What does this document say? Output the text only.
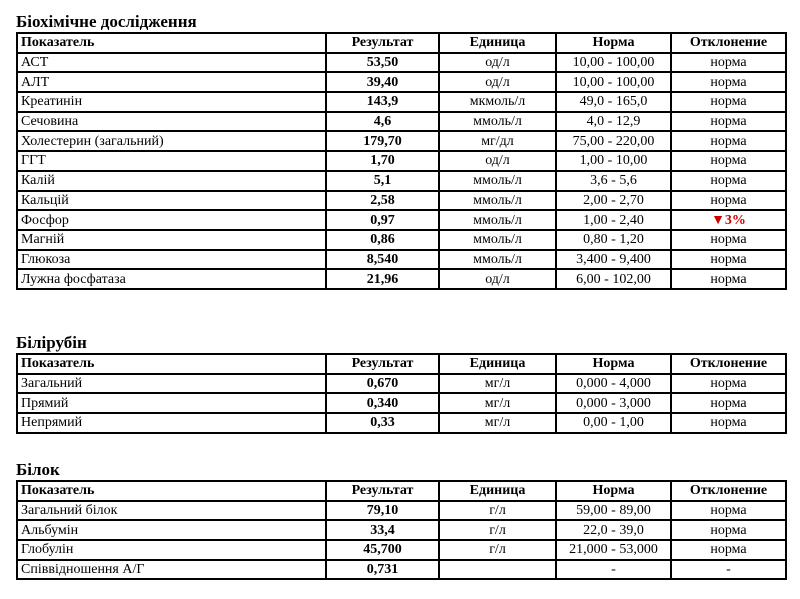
Біохімічне дослідження
Показатель	Результат	Единица	Норма	Отклонение
АСТ	53,50	од/л	10,00 - 100,00	норма
АЛТ	39,40	од/л	10,00 - 100,00	норма
Креатинін	143,9	мкмоль/л	49,0 - 165,0	норма
Сечовина	4,6	ммоль/л	4,0 - 12,9	норма
Холестерин (загальний)	179,70	мг/дл	75,00 - 220,00	норма
ГГТ	1,70	од/л	1,00 - 10,00	норма
Калій	5,1	ммоль/л	3,6 - 5,6	норма
Кальцій	2,58	ммоль/л	2,00 - 2,70	норма
Фосфор	0,97	ммоль/л	1,00 - 2,40	▼3%
Магній	0,86	ммоль/л	0,80 - 1,20	норма
Глюкоза	8,540	ммоль/л	3,400 - 9,400	норма
Лужна фосфатаза	21,96	од/л	6,00 - 102,00	норма
Білірубін
Показатель	Результат	Единица	Норма	Отклонение
Загальний	0,670	мг/л	0,000 - 4,000	норма
Прямий	0,340	мг/л	0,000 - 3,000	норма
Непрямий	0,33	мг/л	0,00 - 1,00	норма
Білок
Показатель	Результат	Единица	Норма	Отклонение
Загальний білок	79,10	г/л	59,00 - 89,00	норма
Альбумін	33,4	г/л	22,0 - 39,0	норма
Глобулін	45,700	г/л	21,000 - 53,000	норма
Співвідношення А/Г	0,731		-	-
